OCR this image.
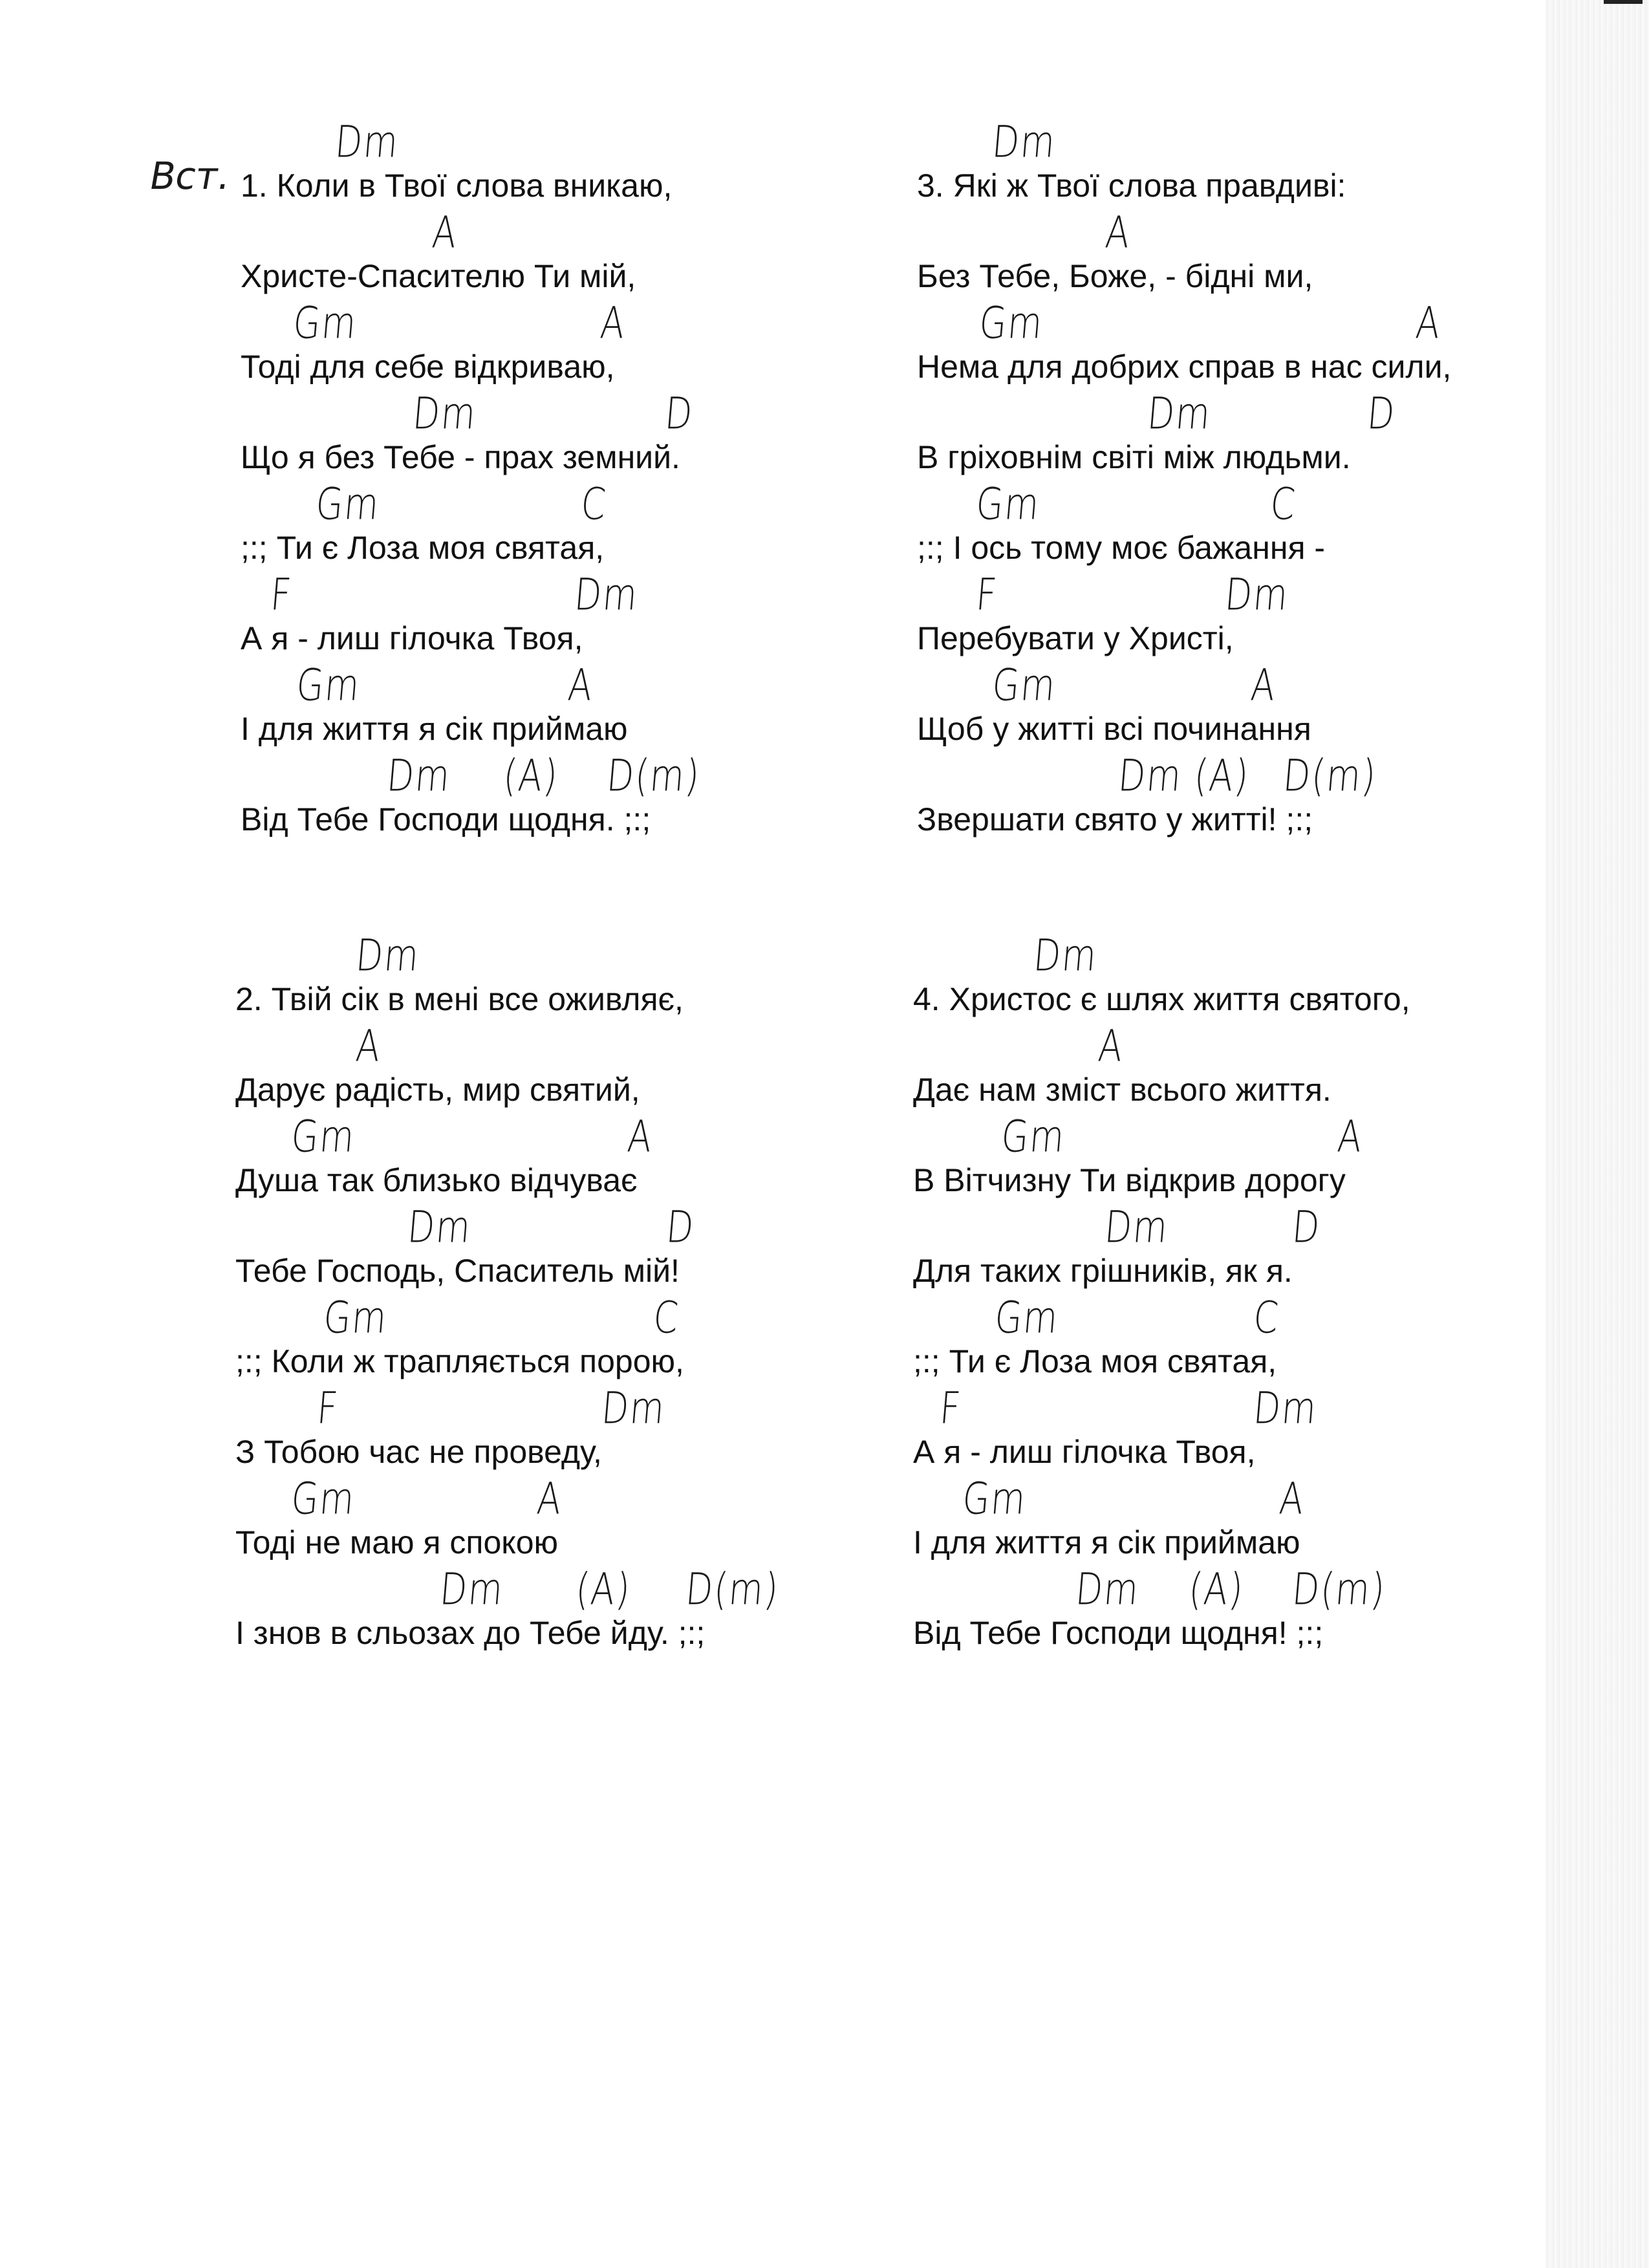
Вст.
Dm
1. Коли в Твої слова вникаю,
A
Христе-Спасителю Ти мій,
Gm	A
Тоді для себе відкриваю,
Dm	D
Що я без Тебе - прах земний.
Gm	C
;:; Ти є Лоза моя святая,
F	Dm
А я - лиш гілочка Твоя,
Gm	A
І для життя я сік приймаю
Dm (A) D(m)
Від Тебе Господи щодня. ;:;
Dm
3. Які ж Твої слова правдиві:
A
Без Тебе, Боже, - бідні ми,
Gm	A
Нема для добрих справ в нас сили,
Dm	D
В гріховнім світі між людьми.
Gm	C
;:; І ось тому моє бажання -
F	Dm
Перебувати у Христі,
Gm	A
Щоб у житті всі починання
Dm (A) D(m)
Звершати свято у житті! ;:;
Dm
2. Твій сік в мені все оживляє,
A
Дарує радість, мир святий,
Gm	A
Душа так близько відчуває
Dm	D
Тебе Господь, Спаситель мій!
Gm	C
;:; Коли ж трапляється порою,
F	Dm
З Тобою час не проведу,
Gm	A
Тоді не маю я спокою
Dm (A) D(m)
І знов в сльозах до Тебе йду. ;:;
Dm
4. Христос є шлях життя святого,
A
Дає нам зміст всього життя.
Gm	A
В Вітчизну Ти відкрив дорогу
Dm	D
Для таких грішників, як я.
Gm	C
;:; Ти є Лоза моя святая,
F	Dm
А я - лиш гілочка Твоя,
Gm	A
І для життя я сік приймаю
Dm (A) D(m)
Від Тебе Господи щодня! ;:;
